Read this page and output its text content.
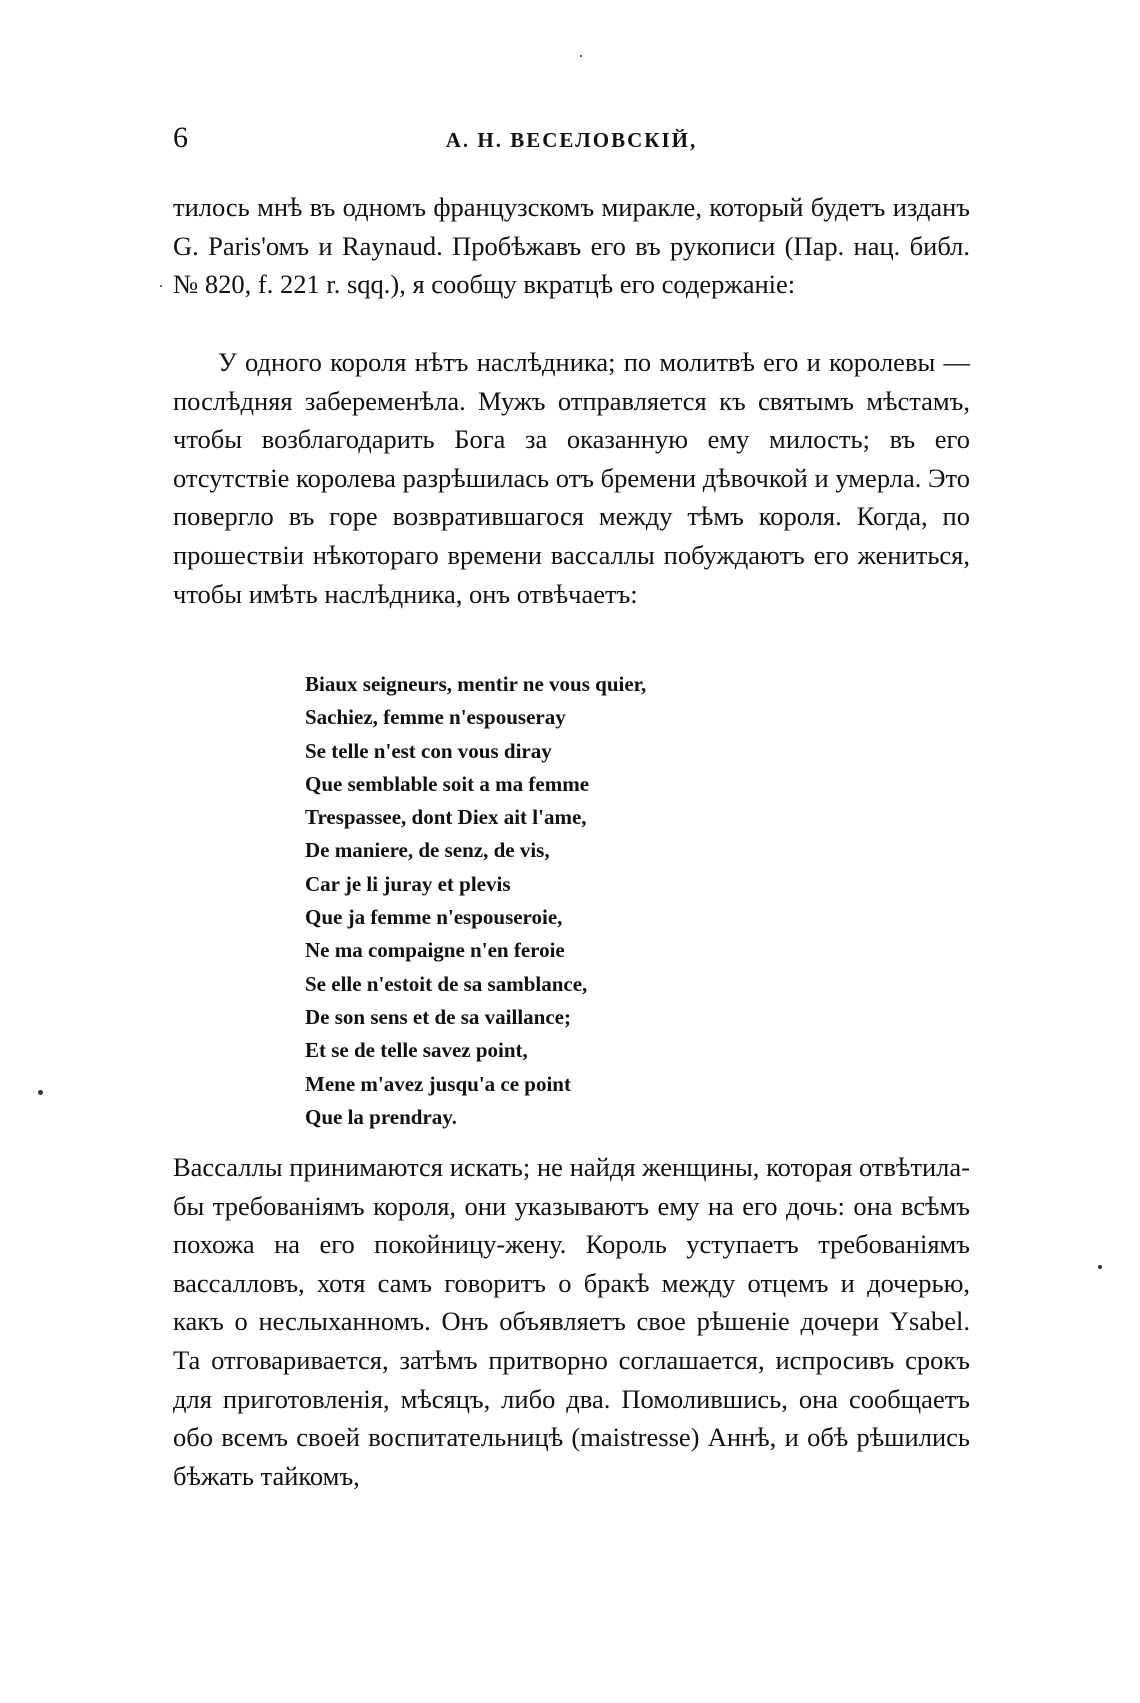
6	А. Н. ВЕСЕЛОВСКІЙ,

тилось мнѣ въ одномъ французскомъ миракле, который будетъ изданъ G. Paris'омъ и Raynaud. Пробѣжавъ его въ рукописи (Пар. нац. библ. № 820, f. 221 r. sqq.), я сообщу вкратцѣ его содержаніе:

У одного короля нѣтъ наслѣдника; по молитвѣ его и королевы — послѣдняя забеременѣла. Мужъ отправляется къ святымъ мѣстамъ, чтобы возблагодарить Бога за оказанную ему милость; въ его отсутствіе королева разрѣшилась отъ бремени дѣвочкой и умерла. Это повергло въ горе возвратившагося между тѣмъ короля. Когда, по прошествіи нѣкотораго времени вассаллы побуждаютъ его жениться, чтобы имѣть наслѣдника, онъ отвѣчаетъ:

Biaux seigneurs, mentir ne vous quier,
Sachiez, femme n'espouseray
Se telle n'est con vous diray
Que semblable soit a ma femme
Trespassee, dont Diex ait l'ame,
De maniere, de senz, de vis,
Car je li juray et plevis
Que ja femme n'espouseroie,
Ne ma compaigne n'en feroie
Se elle n'estoit de sa samblance,
De son sens et de sa vaillance;
Et se de telle savez point,
Mene m'avez jusqu'a ce point
Que la prendray.

Вассаллы принимаются искать; не найдя женщины, которая отвѣтила-бы требованіямъ короля, они указываютъ ему на его дочь: она всѣмъ похожа на его покойницу-жену. Король уступаетъ требованіямъ вассалловъ, хотя самъ говоритъ о бракѣ между отцемъ и дочерью, какъ о неслыханномъ. Онъ объявляетъ свое рѣшеніе дочери Ysabel. Та отговаривается, затѣмъ притворно соглашается, испросивъ срокъ для приготовленія, мѣсяцъ, либо два. Помолившись, она сообщаетъ обо всемъ своей воспитательницѣ (maistresse) Аннѣ, и обѣ рѣшились бѣжать тайкомъ,
